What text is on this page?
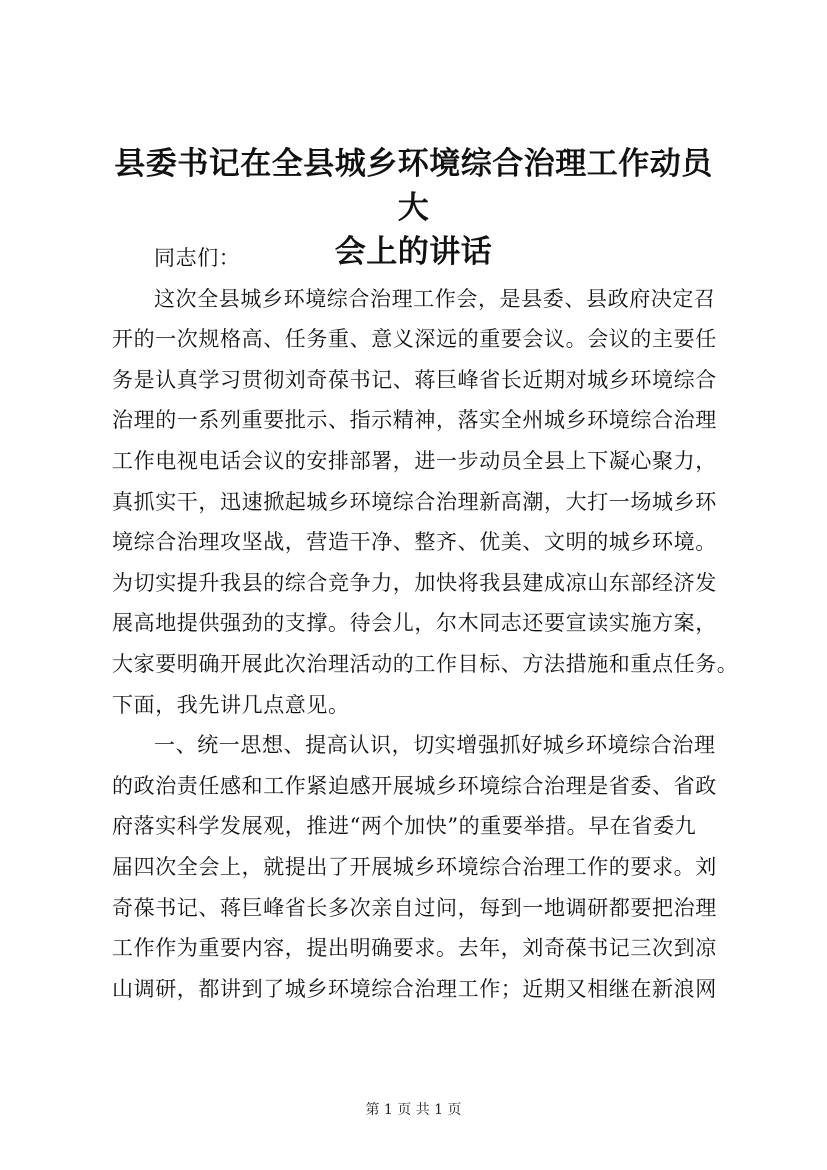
县委书记在全县城乡环境综合治理工作动员大
会上的讲话
同志们：
这次全县城乡环境综合治理工作会，是县委、县政府决定召
开的一次规格高、任务重、意义深远的重要会议。会议的主要任
务是认真学习贯彻刘奇葆书记、蒋巨峰省长近期对城乡环境综合
治理的一系列重要批示、指示精神，落实全州城乡环境综合治理
工作电视电话会议的安排部署，进一步动员全县上下凝心聚力，
真抓实干，迅速掀起城乡环境综合治理新高潮，大打一场城乡环
境综合治理攻坚战，营造干净、整齐、优美、文明的城乡环境。
为切实提升我县的综合竞争力，加快将我县建成凉山东部经济发
展高地提供强劲的支撑。待会儿，尔木同志还要宣读实施方案，
大家要明确开展此次治理活动的工作目标、方法措施和重点任务。
下面，我先讲几点意见。
一、统一思想、提高认识，切实增强抓好城乡环境综合治理
的政治责任感和工作紧迫感开展城乡环境综合治理是省委、省政
府落实科学发展观，推进“两个加快”的重要举措。早在省委九
届四次全会上，就提出了开展城乡环境综合治理工作的要求。刘
奇葆书记、蒋巨峰省长多次亲自过问，每到一地调研都要把治理
工作作为重要内容，提出明确要求。去年，刘奇葆书记三次到凉
山调研，都讲到了城乡环境综合治理工作；近期又相继在新浪网
第 1 页 共 1 页
